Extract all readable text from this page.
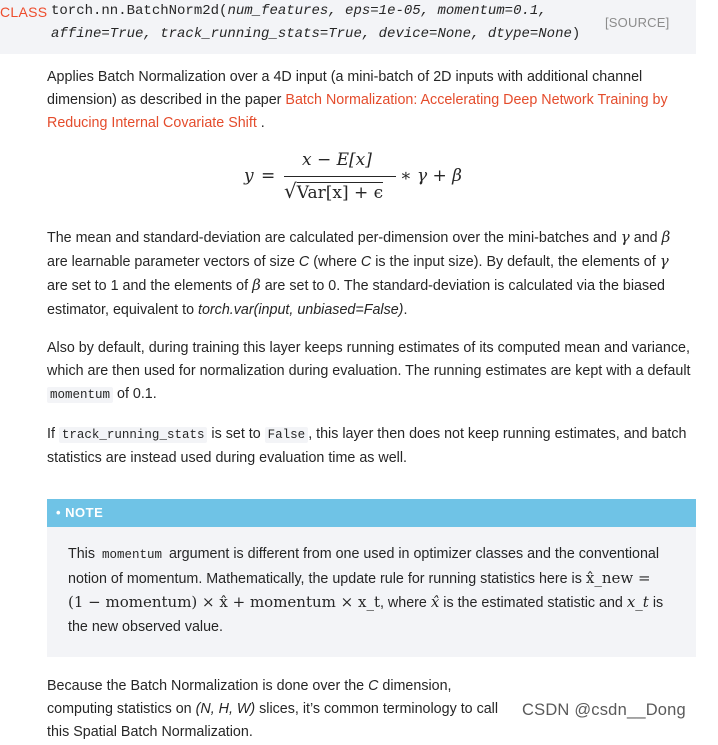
CLASS torch.nn.BatchNorm2d(num_features, eps=1e-05, momentum=0.1,
affine=True, track_running_stats=True, device=None, dtype=None)
[SOURCE]

Applies Batch Normalization over a 4D input (a mini-batch of 2D inputs with additional channel dimension) as described in the paper Batch Normalization: Accelerating Deep Network Training by Reducing Internal Covariate Shift .

y =
x − E[x]
√Var[x] + ϵ
∗ γ + β

The mean and standard-deviation are calculated per-dimension over the mini-batches and γ and β are learnable parameter vectors of size C (where C is the input size). By default, the elements of γ are set to 1 and the elements of β are set to 0. The standard-deviation is calculated via the biased estimator, equivalent to torch.var(input, unbiased=False).

Also by default, during training this layer keeps running estimates of its computed mean and variance, which are then used for normalization during evaluation. The running estimates are kept with a default momentum of 0.1.

If track_running_stats is set to False , this layer then does not keep running estimates, and batch statistics are instead used during evaluation time as well.

• NOTE

This momentum argument is different from one used in optimizer classes and the conventional notion of momentum. Mathematically, the update rule for running statistics here is x̂_new = (1 − momentum) × x̂ + momentum × x_t, where x̂ is the estimated statistic and x_t is the new observed value.

Because the Batch Normalization is done over the C dimension, computing statistics on (N, H, W) slices, it’s common terminology to call this Spatial Batch Normalization.

CSDN @csdn__Dong
